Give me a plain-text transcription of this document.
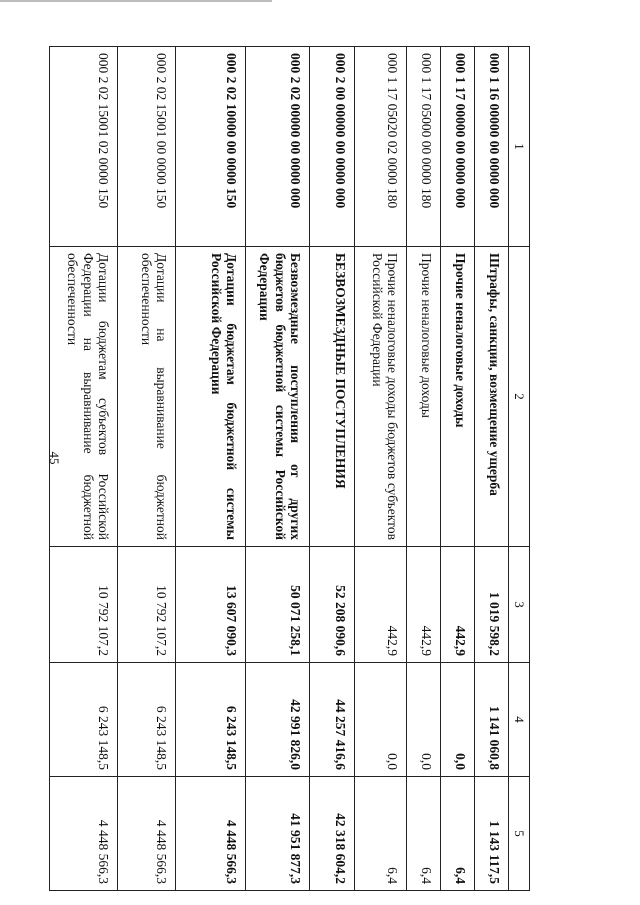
45
1	2	3	4	5
000 1 16 00000 00 0000 000	Штрафы, санкции, возмещение ущерба	1 019 598,2	1 141 060,8	1 143 117,5
000 1 17 00000 00 0000 000	Прочие неналоговые доходы	442,9	0,0	6,4
000 1 17 05000 00 0000 180	Прочие неналоговые доходы	442,9	0,0	6,4
000 1 17 05020 02 0000 180	Прочие неналоговые доходы бюджетов субъектов Российской Федерации	442,9	0,0	6,4
000 2 00 00000 00 0000 000	БЕЗВОЗМЕЗДНЫЕ ПОСТУПЛЕНИЯ	52 208 090,6	44 257 416,6	42 318 604,2
000 2 02 00000 00 0000 000	Безвозмездные поступления от других бюджетов бюджетной системы Российской Федерации	50 071 258,1	42 991 826,0	41 951 877,3
000 2 02 10000 00 0000 150	Дотации бюджетам бюджетной системы Российской Федерации	13 607 090,3	6 243 148,5	4 448 566,3
000 2 02 15001 00 0000 150	Дотации на выравнивание бюджетной обеспеченности	10 792 107,2	6 243 148,5	4 448 566,3
000 2 02 15001 02 0000 150	Дотации бюджетам субъектов Российской Федерации на выравнивание бюджетной обеспеченности	10 792 107,2	6 243 148,5	4 448 566,3
